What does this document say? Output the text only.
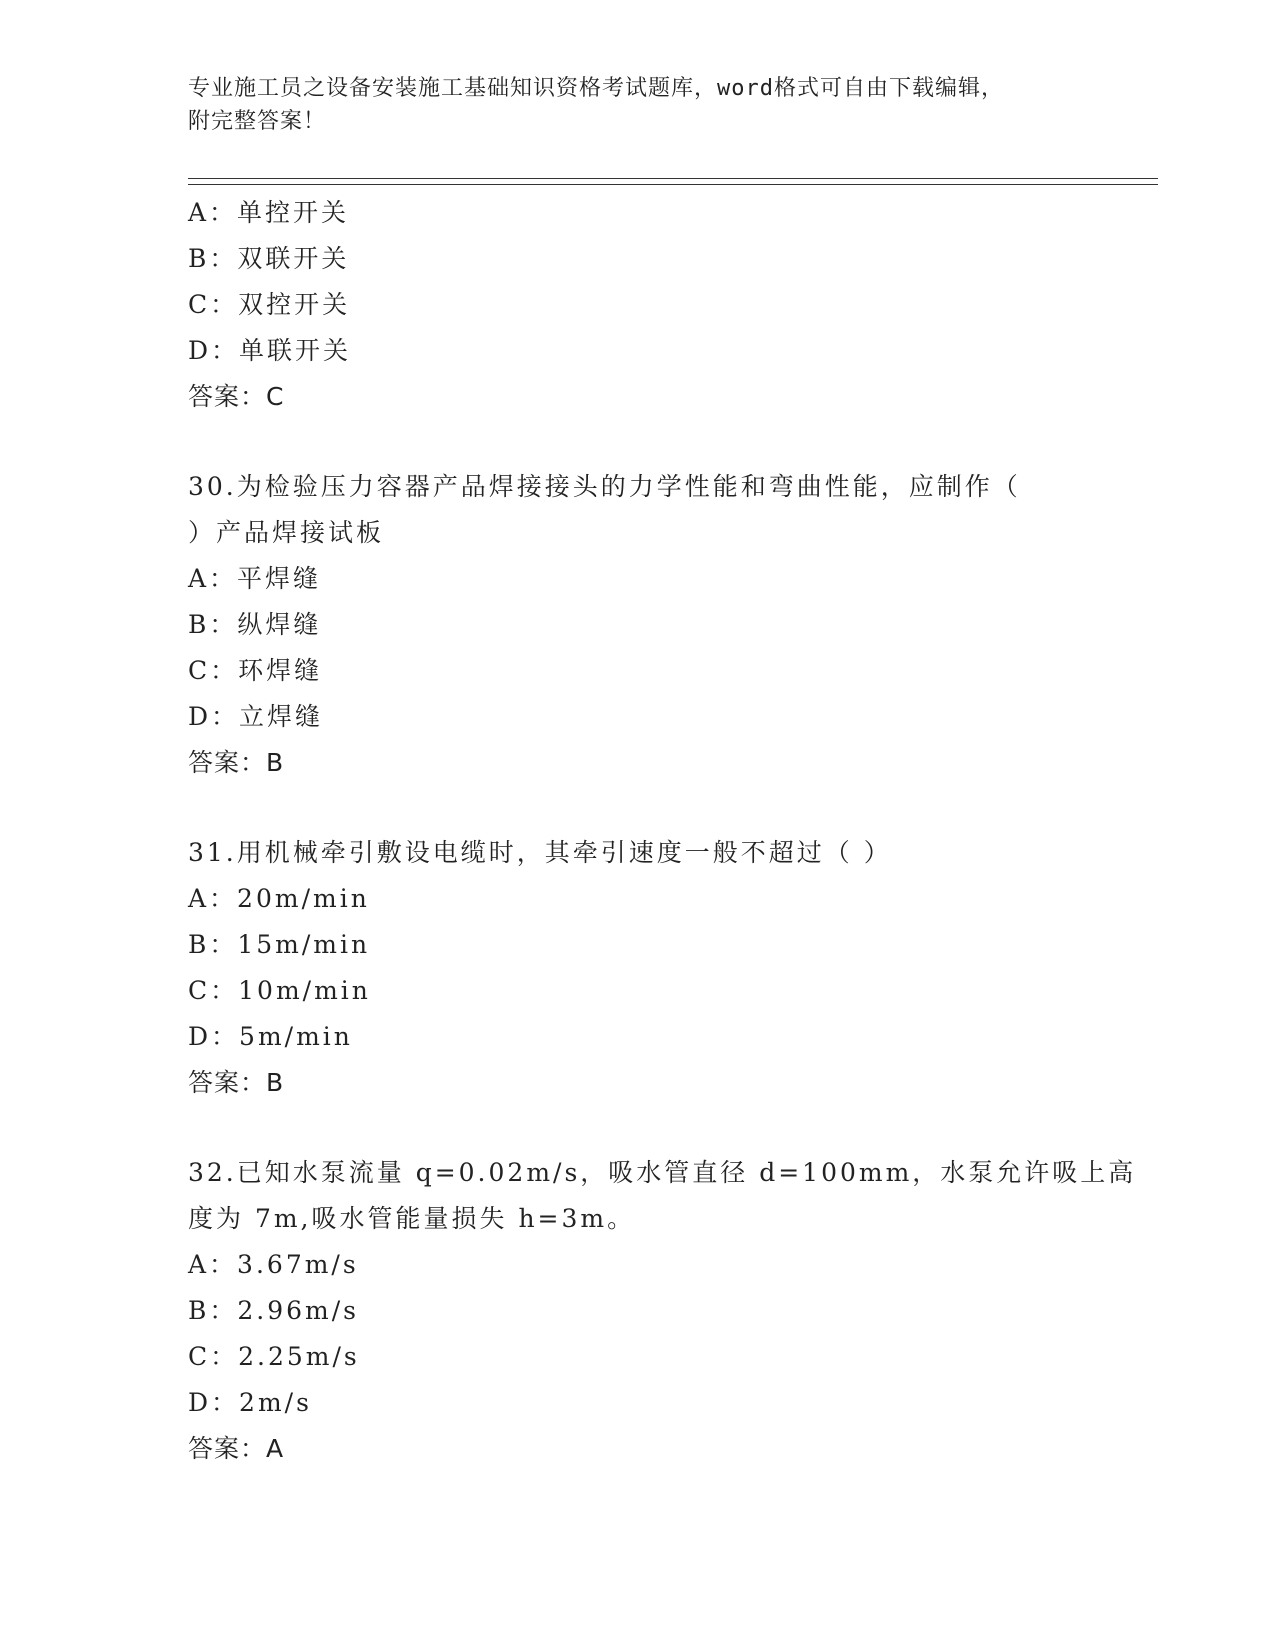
专业施工员之设备安装施工基础知识资格考试题库，word格式可自由下载编辑，
附完整答案！
A：单控开关
B：双联开关
C：双控开关
D：单联开关
答案：C
30.为检验压力容器产品焊接接头的力学性能和弯曲性能，应制作（
）产品焊接试板
A：平焊缝
B：纵焊缝
C：环焊缝
D：立焊缝
答案：B
31.用机械牵引敷设电缆时，其牵引速度一般不超过（ ）
A：20m/min
B：15m/min
C：10m/min
D：5m/min
答案：B
32.已知水泵流量 q=0.02m/s，吸水管直径 d=100mm，水泵允许吸上高
度为 7m,吸水管能量损失 h=3m。
A：3.67m/s
B：2.96m/s
C：2.25m/s
D：2m/s
答案：A
